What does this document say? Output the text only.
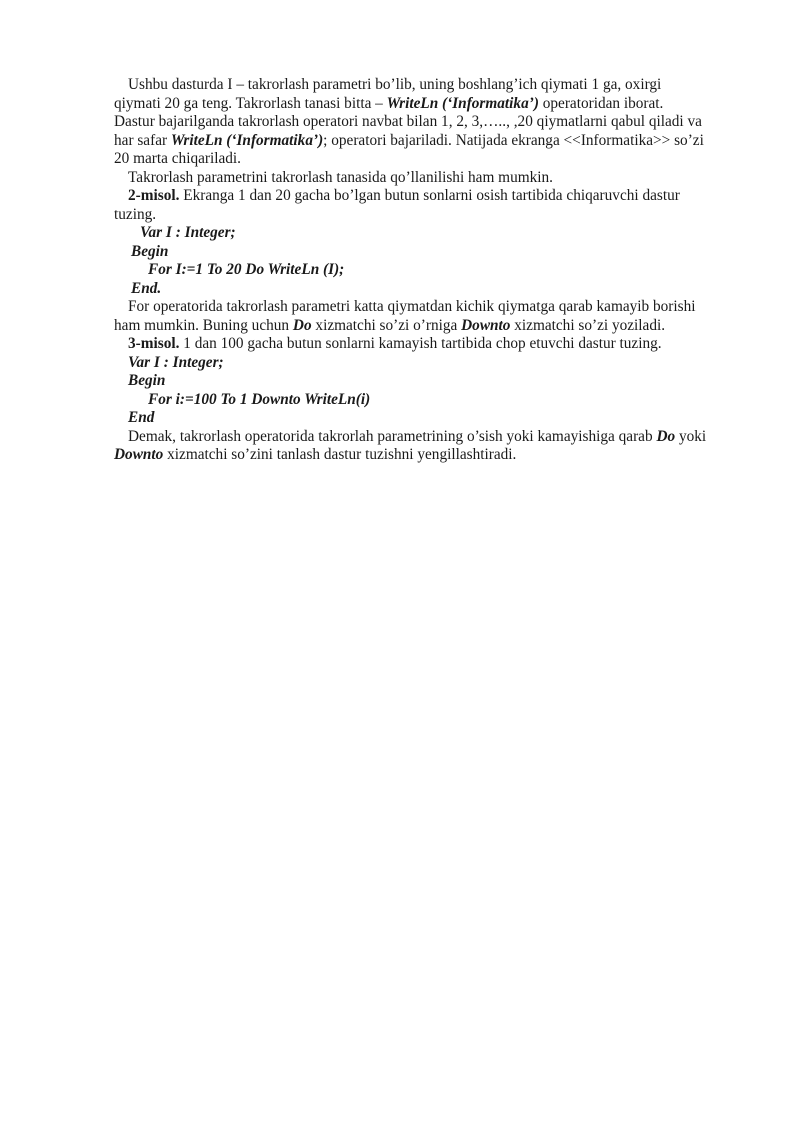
Ushbu dasturda I – takrorlash parametri bo’lib, uning boshlang’ich qiymati 1 ga, oxirgi
qiymati 20 ga teng. Takrorlash tanasi bitta – WriteLn (‘Informatika’) operatoridan iborat.
Dastur bajarilganda takrorlash operatori navbat bilan 1, 2, 3,….., ,20 qiymatlarni qabul qiladi va
har safar WriteLn (‘Informatika’); operatori bajariladi. Natijada ekranga <<Informatika>> so’zi
20 marta chiqariladi.
Takrorlash parametrini takrorlash tanasida qo’llanilishi ham mumkin.
2-misol. Ekranga 1 dan 20 gacha bo’lgan butun sonlarni osish tartibida chiqaruvchi dastur
tuzing.
Var I : Integer;
Begin
For I:=1 To 20 Do WriteLn (I);
End.
For operatorida takrorlash parametri katta qiymatdan kichik qiymatga qarab kamayib borishi
ham mumkin. Buning uchun Do xizmatchi so’zi o’rniga Downto xizmatchi so’zi yoziladi.
3-misol. 1 dan 100 gacha butun sonlarni kamayish tartibida chop etuvchi dastur tuzing.
Var I : Integer;
Begin
For i:=100 To 1 Downto WriteLn(i)
End
Demak, takrorlash operatorida takrorlah parametrining o’sish yoki kamayishiga qarab Do yoki
Downto xizmatchi so’zini tanlash dastur tuzishni yengillashtiradi.
